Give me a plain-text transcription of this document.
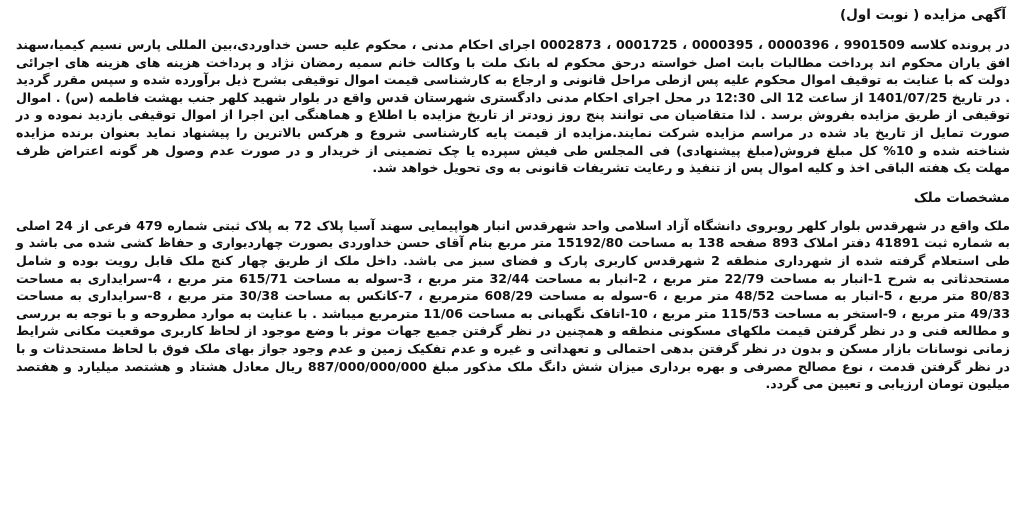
آگهی مزایده ( نوبت اول)

در پرونده کلاسه 9901509 ، 0000396 ، 0000395 ، 0001725 ، 0002873 اجرای احکام مدنی ، محکوم علیه حسن خداوردی،بین المللی پارس نسیم کیمیا،سهند افق یاران محکوم اند پرداخت مطالبات بابت اصل خواسته درحق محکوم له بانک ملت با وکالت خانم سمیه رمضان نژاد و پرداخت هزینه های هزینه های اجرائی دولت که با عنایت به توقیف اموال محکوم علیه پس ازطی مراحل قانونی و ارجاع به کارشناسی قیمت اموال توقیفی بشرح ذیل برآورده شده و سپس مقرر گردید . در تاریخ 1401/07/25 از ساعت 12 الی 12:30 در محل اجرای احکام مدنی دادگستری شهرستان قدس واقع در بلوار شهید کلهر جنب بهشت فاطمه (س) . اموال توقیفی از طریق مزایده بفروش برسد . لذا متقاضیان می توانند پنج روز زودتر از تاریخ مزایده با اطلاع و هماهنگی این اجرا از اموال توقیفی بازدید نموده و در صورت تمایل از تاریخ یاد شده در مراسم مزایده شرکت نمایند.مزایده از قیمت پایه کارشناسی شروع و هرکس بالاترین را پیشنهاد نماید بعنوان برنده مزایده شناخته شده و 10% کل مبلغ فروش(مبلغ پیشنهادی) فی المجلس طی فیش سپرده یا چک تضمینی از خریدار و در صورت عدم وصول هر گونه اعتراض ظرف مهلت یک هفته الباقی اخذ و کلیه اموال پس از تنفیذ و رعایت تشریفات قانونی به وی تحویل خواهد شد.

مشخصات ملک

ملک واقع در شهرقدس بلوار کلهر روبروی دانشگاه آزاد اسلامی واحد شهرقدس انبار هواپیمایی سهند آسیا پلاک 72 به پلاک ثبتی شماره 479 فرعی از 24 اصلی به شماره ثبت 41891 دفتر املاک 893 صفحه 138 به مساحت 15192/80 متر مربع بنام آقای حسن خداوردی بصورت چهاردیواری و حفاظ کشی شده می باشد و طی استعلام گرفته شده از شهرداری منطقه 2 شهرقدس کاربری پارک و فضای سبز می باشد. داخل ملک از طریق چهار کنج ملک قابل رویت بوده و شامل مستحدثاتی به شرح 1-انبار به مساحت 22/79 متر مربع ، 2-انبار به مساحت 32/44 متر مربع ، 3-سوله به مساحت 615/71 متر مربع ، 4-سرایداری به مساحت 80/83 متر مربع ، 5-انبار به مساحت 48/52 متر مربع ، 6-سوله به مساحت 608/29 مترمربع ، 7-کانکس به مساحت 30/38 متر مربع ، 8-سرایداری به مساحت 49/33 متر مربع ، 9-استخر به مساحت 115/53 متر مربع ، 10-اتاقک نگهبانی به مساحت 11/06 مترمربع میباشد . با عنایت به موارد مطروحه و با توجه به بررسی و مطالعه فنی و در نظر گرفتن قیمت ملکهای مسکونی منطقه و همچنین در نظر گرفتن جمیع جهات موثر با وضع موجود از لحاظ کاربری موقعیت مکانی شرایط زمانی نوسانات بازار مسکن و بدون در نظر گرفتن بدهی احتمالی و تعهداتی و غیره و عدم تفکیک زمین و عدم وجود جواز بهای ملک فوق با لحاظ مستحدثات و با در نظر گرفتن قدمت ، نوع مصالح مصرفی و بهره برداری میزان شش دانگ ملک مذکور مبلغ 887/000/000/000 ریال معادل هشتاد و هشتصد میلیارد و هفتصد میلیون تومان ارزیابی و تعیین می گردد.
